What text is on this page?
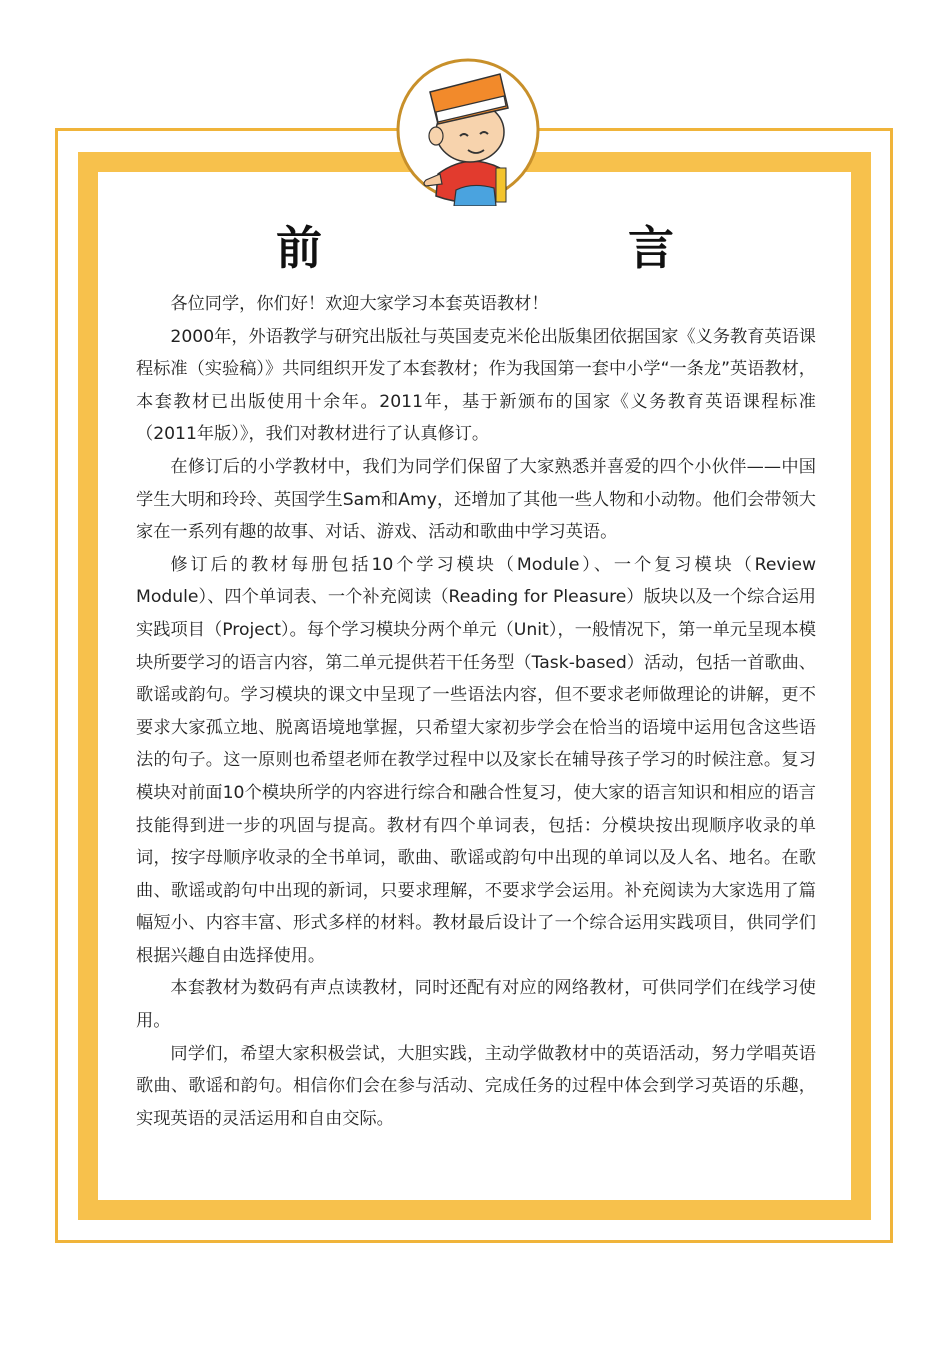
前　言

各位同学，你们好！欢迎大家学习本套英语教材！

2000年，外语教学与研究出版社与英国麦克米伦出版集团依据国家《义务教育英语课程标准（实验稿）》共同组织开发了本套教材；作为我国第一套中小学“一条龙”英语教材，本套教材已出版使用十余年。2011年，基于新颁布的国家《义务教育英语课程标准（2011年版）》，我们对教材进行了认真修订。

在修订后的小学教材中，我们为同学们保留了大家熟悉并喜爱的四个小伙伴——中国学生大明和玲玲、英国学生Sam和Amy，还增加了其他一些人物和小动物。他们会带领大家在一系列有趣的故事、对话、游戏、活动和歌曲中学习英语。

修订后的教材每册包括10个学习模块（Module）、一个复习模块（Review Module）、四个单词表、一个补充阅读（Reading for Pleasure）版块以及一个综合运用实践项目（Project）。每个学习模块分两个单元（Unit），一般情况下，第一单元呈现本模块所要学习的语言内容，第二单元提供若干任务型（Task-based）活动，包括一首歌曲、歌谣或韵句。学习模块的课文中呈现了一些语法内容，但不要求老师做理论的讲解，更不要求大家孤立地、脱离语境地掌握，只希望大家初步学会在恰当的语境中运用包含这些语法的句子。这一原则也希望老师在教学过程中以及家长在辅导孩子学习的时候注意。复习模块对前面10个模块所学的内容进行综合和融合性复习，使大家的语言知识和相应的语言技能得到进一步的巩固与提高。教材有四个单词表，包括：分模块按出现顺序收录的单词，按字母顺序收录的全书单词，歌曲、歌谣或韵句中出现的单词以及人名、地名。在歌曲、歌谣或韵句中出现的新词，只要求理解，不要求学会运用。补充阅读为大家选用了篇幅短小、内容丰富、形式多样的材料。教材最后设计了一个综合运用实践项目，供同学们根据兴趣自由选择使用。

本套教材为数码有声点读教材，同时还配有对应的网络教材，可供同学们在线学习使用。

同学们，希望大家积极尝试，大胆实践，主动学做教材中的英语活动，努力学唱英语歌曲、歌谣和韵句。相信你们会在参与活动、完成任务的过程中体会到学习英语的乐趣，实现英语的灵活运用和自由交际。
